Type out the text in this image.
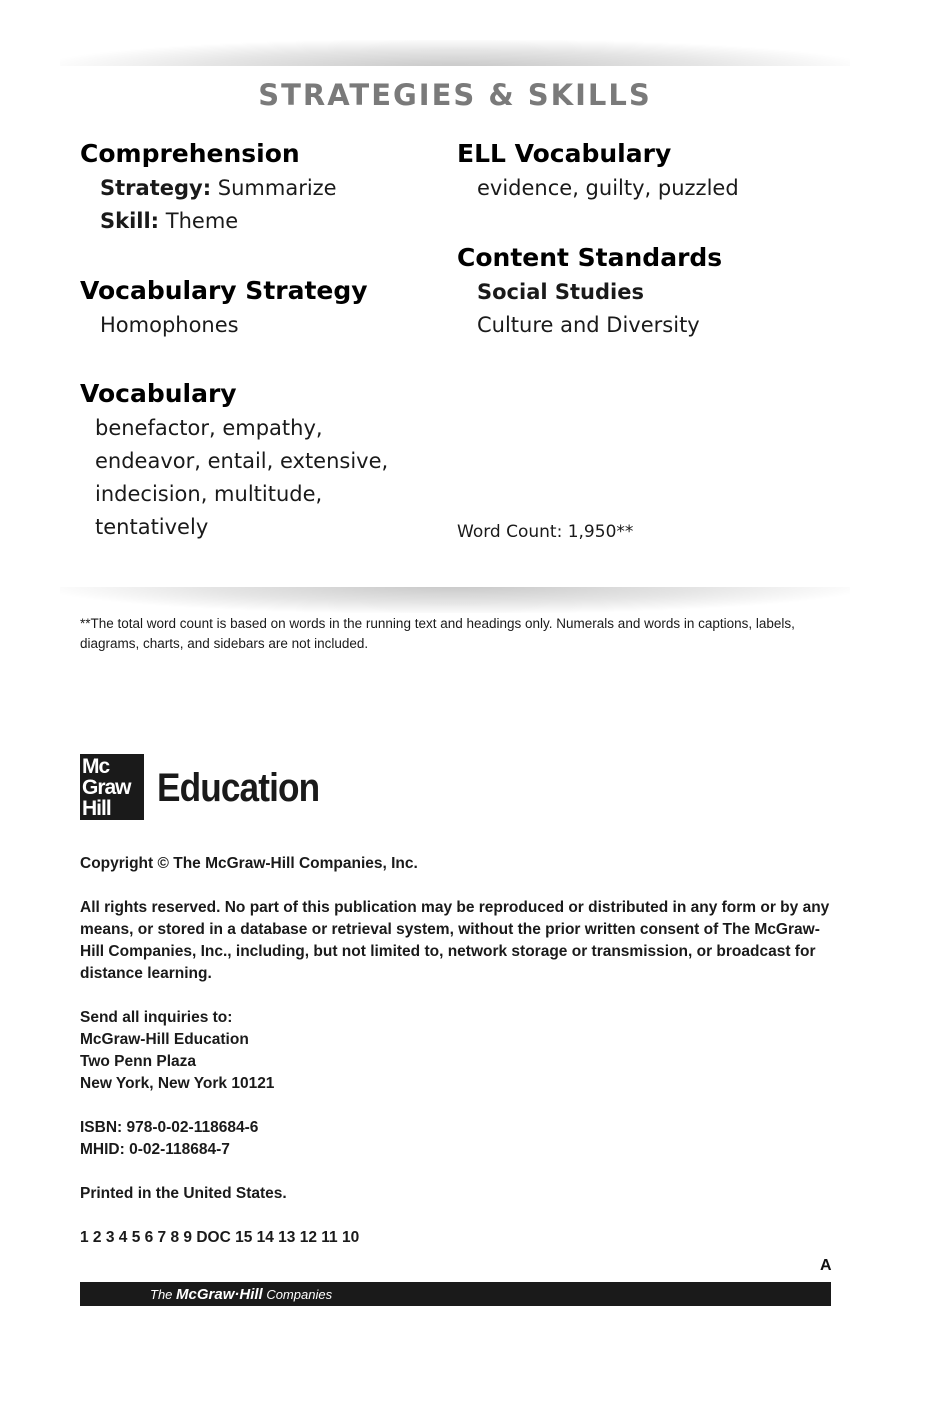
STRATEGIES & SKILLS
Comprehension
Strategy: Summarize
Skill: Theme
Vocabulary Strategy
Homophones
Vocabulary
benefactor, empathy,
endeavor, entail, extensive,
indecision, multitude,
tentatively
ELL Vocabulary
evidence, guilty, puzzled
Content Standards
Social Studies
Culture and Diversity
Word Count: 1,950**
**The total word count is based on words in the running text and headings only. Numerals and words in captions, labels, diagrams, charts, and sidebars are not included.
Mc
Graw
Hill	Education
Copyright © The McGraw-Hill Companies, Inc.
All rights reserved. No part of this publication may be reproduced or distributed in any form or by any means, or stored in a database or retrieval system, without the prior written consent of The McGraw-Hill Companies, Inc., including, but not limited to, network storage or transmission, or broadcast for distance learning.
Send all inquiries to:
McGraw-Hill Education
Two Penn Plaza
New York, New York 10121
ISBN: 978-0-02-118684-6
MHID: 0-02-118684-7
Printed in the United States.
1 2 3 4 5 6 7 8 9 DOC 15 14 13 12 11 10
A
The McGraw·Hill Companies
